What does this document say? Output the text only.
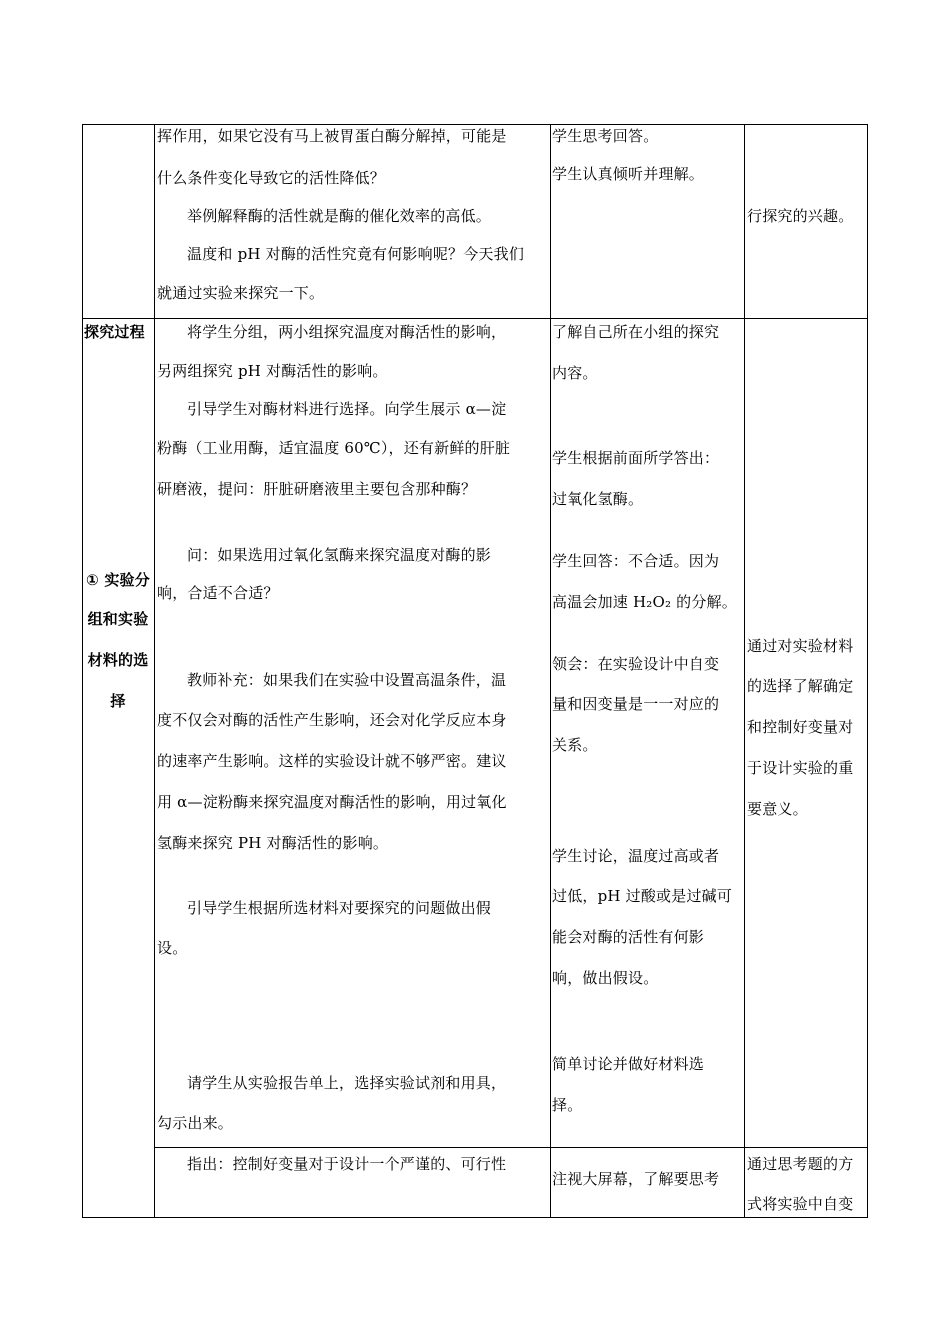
挥作用，如果它没有马上被胃蛋白酶分解掉，可能是
什么条件变化导致它的活性降低？
举例解释酶的活性就是酶的催化效率的高低。
温度和 pH 对酶的活性究竟有何影响呢？今天我们
就通过实验来探究一下。
学生思考回答。
学生认真倾听并理解。
行探究的兴趣。
探究过程
① 实验分
组和实验
材料的选
择
将学生分组，两小组探究温度对酶活性的影响，
另两组探究 pH 对酶活性的影响。
引导学生对酶材料进行选择。向学生展示 α—淀
粉酶（工业用酶，适宜温度 60℃），还有新鲜的肝脏
研磨液，提问：肝脏研磨液里主要包含那种酶？
问：如果选用过氧化氢酶来探究温度对酶的影
响，合适不合适？
教师补充：如果我们在实验中设置高温条件，温
度不仅会对酶的活性产生影响，还会对化学反应本身
的速率产生影响。这样的实验设计就不够严密。建议
用 α—淀粉酶来探究温度对酶活性的影响，用过氧化
氢酶来探究 PH 对酶活性的影响。
引导学生根据所选材料对要探究的问题做出假
设。
请学生从实验报告单上，选择实验试剂和用具，
勾示出来。
了解自己所在小组的探究
内容。
学生根据前面所学答出：
过氧化氢酶。
学生回答：不合适。因为
高温会加速 H₂O₂ 的分解。
领会：在实验设计中自变
量和因变量是一一对应的
关系。
学生讨论，温度过高或者
过低，pH 过酸或是过碱可
能会对酶的活性有何影
响，做出假设。
简单讨论并做好材料选
择。
通过对实验材料
的选择了解确定
和控制好变量对
于设计实验的重
要意义。
指出：控制好变量对于设计一个严谨的、可行性
注视大屏幕，了解要思考
通过思考题的方
式将实验中自变
